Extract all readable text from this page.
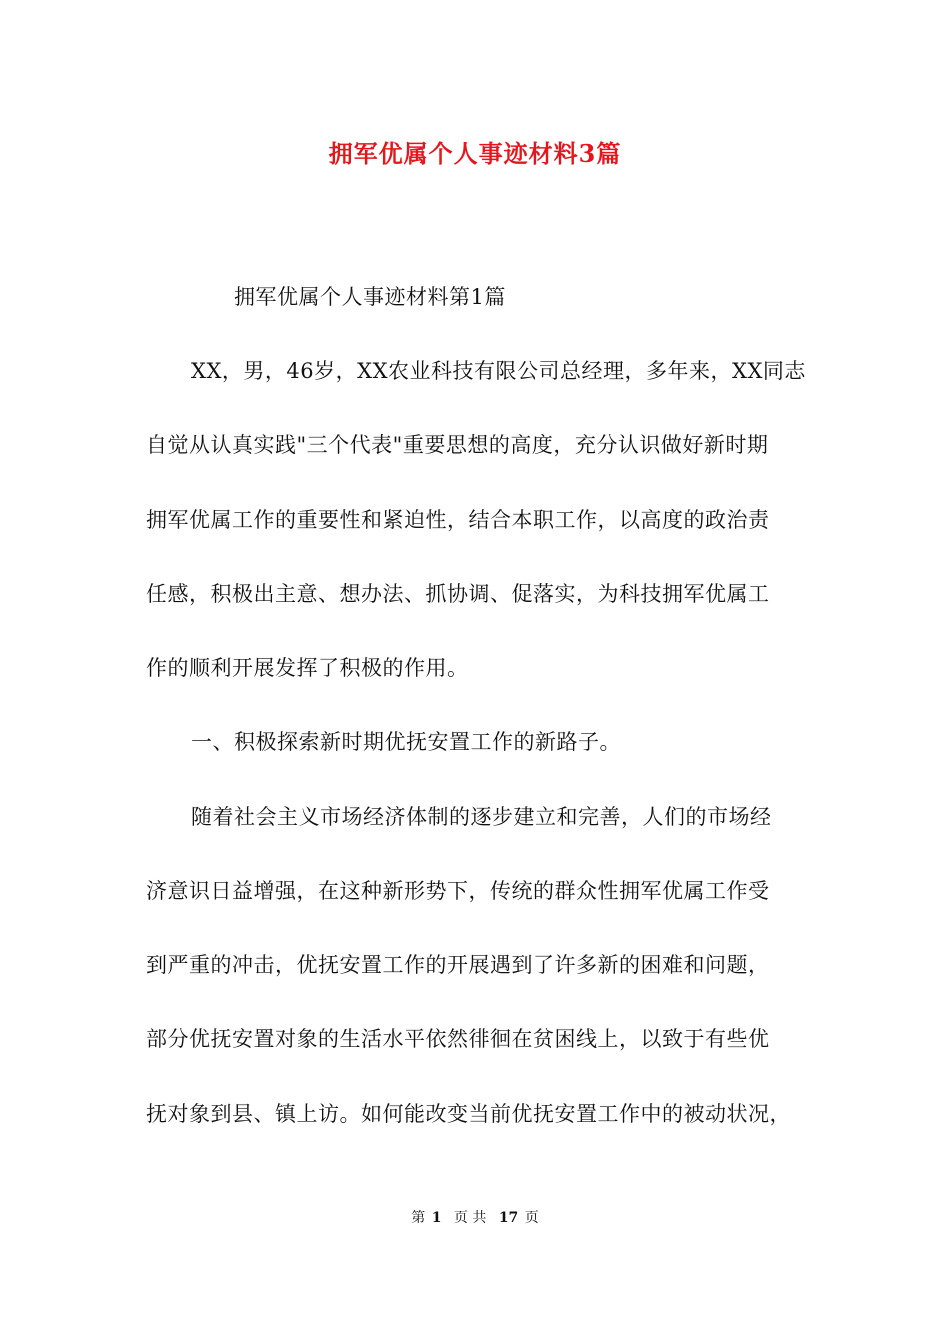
拥军优属个人事迹材料3篇
拥军优属个人事迹材料第1篇
XX，男，46岁，XX农业科技有限公司总经理，多年来，XX同志
自觉从认真实践"三个代表"重要思想的高度，充分认识做好新时期
拥军优属工作的重要性和紧迫性，结合本职工作，以高度的政治责
任感，积极出主意、想办法、抓协调、促落实，为科技拥军优属工
作的顺利开展发挥了积极的作用。
一、积极探索新时期优抚安置工作的新路子。
随着社会主义市场经济体制的逐步建立和完善，人们的市场经
济意识日益增强，在这种新形势下，传统的群众性拥军优属工作受
到严重的冲击，优抚安置工作的开展遇到了许多新的困难和问题，
部分优抚安置对象的生活水平依然徘徊在贫困线上，以致于有些优
抚对象到县、镇上访。如何能改变当前优抚安置工作中的被动状况，
第 1 页 共 17 页
